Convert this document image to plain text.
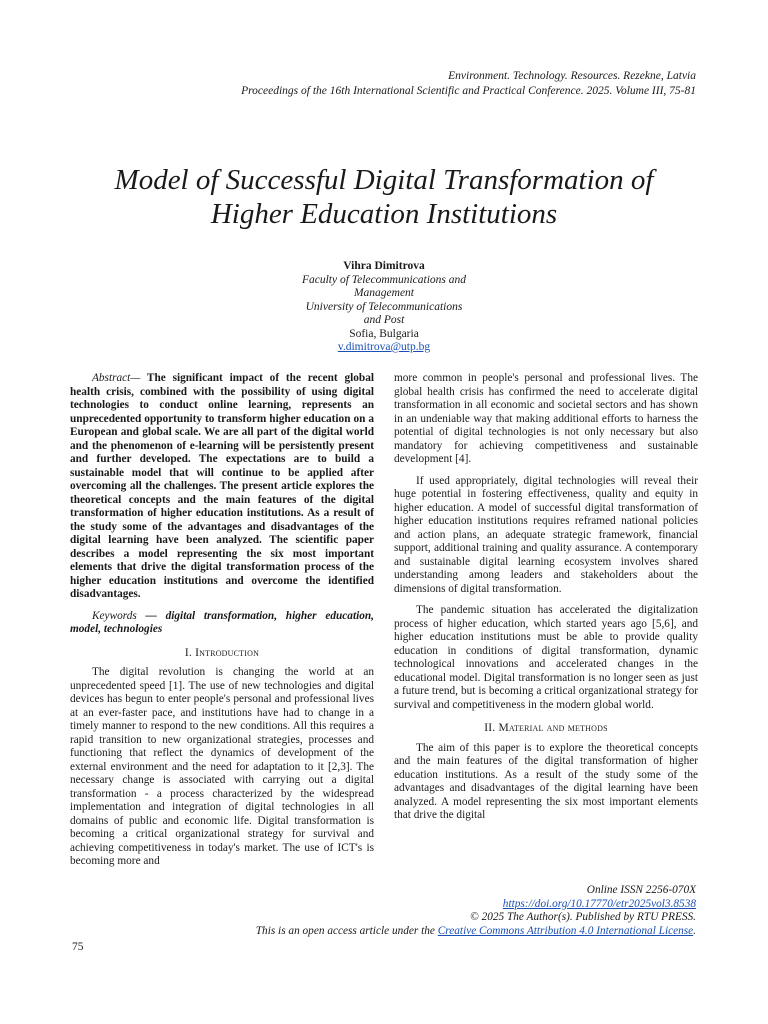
Environment. Technology. Resources. Rezekne, Latvia
Proceedings of the 16th International Scientific and Practical Conference. 2025. Volume III, 75-81
Model of Successful Digital Transformation of
Higher Education Institutions
Vihra Dimitrova
Faculty of Telecommunications and
Management
University of Telecommunications
and Post
Sofia, Bulgaria
v.dimitrova@utp.bg

Abstract— The significant impact of the recent global health crisis, combined with the possibility of using digital technologies to conduct online learning, represents an unprecedented opportunity to transform higher education on a European and global scale. We are all part of the digital world and the phenomenon of e-learning will be persistently present and further developed. The expectations are to build a sustainable model that will continue to be applied after overcoming all the challenges. The present article explores the theoretical concepts and the main features of the digital transformation of higher education institutions. As a result of the study some of the advantages and disadvantages of the digital learning have been analyzed. The scientific paper describes a model representing the six most important elements that drive the digital transformation process of the higher education institutions and overcome the identified disadvantages.

Keywords — digital transformation, higher education, model, technologies

I. Introduction

The digital revolution is changing the world at an unprecedented speed [1]. The use of new technologies and digital devices has begun to enter people's personal and professional lives at an ever-faster pace, and institutions have had to change in a timely manner to respond to the new conditions. All this requires a rapid transition to new organizational strategies, processes and functioning that reflect the dynamics of development of the external environment and the need for adaptation to it [2,3]. The necessary change is associated with carrying out a digital transformation - a process characterized by the widespread implementation and integration of digital technologies in all domains of public and economic life. Digital transformation is becoming a critical organizational strategy for survival and achieving competitiveness in today's market. The use of ICT's is becoming more and

more common in people's personal and professional lives. The global health crisis has confirmed the need to accelerate digital transformation in all economic and societal sectors and has shown in an undeniable way that making additional efforts to harness the potential of digital technologies is not only necessary but also mandatory for achieving competitiveness and sustainable development [4].

If used appropriately, digital technologies will reveal their huge potential in fostering effectiveness, quality and equity in higher education. A model of successful digital transformation of higher education institutions requires reframed national policies and action plans, an adequate strategic framework, financial support, additional training and quality assurance. A contemporary and sustainable digital learning ecosystem involves shared understanding among leaders and stakeholders about the dimensions of digital transformation.

The pandemic situation has accelerated the digitalization process of higher education, which started years ago [5,6], and higher education institutions must be able to provide quality education in conditions of digital transformation, dynamic technological innovations and accelerated changes in the educational model. Digital transformation is no longer seen as just a future trend, but is becoming a critical organizational strategy for survival and competitiveness in the modern global world.

II. Material and methods

The aim of this paper is to explore the theoretical concepts and the main features of the digital transformation of higher education institutions. As a result of the study some of the advantages and disadvantages of the digital learning have been analyzed. A model representing the six most important elements that drive the digital

Online ISSN 2256-070X
https://doi.org/10.17770/etr2025vol3.8538
© 2025 The Author(s). Published by RTU PRESS.
This is an open access article under the Creative Commons Attribution 4.0 International License.
75
